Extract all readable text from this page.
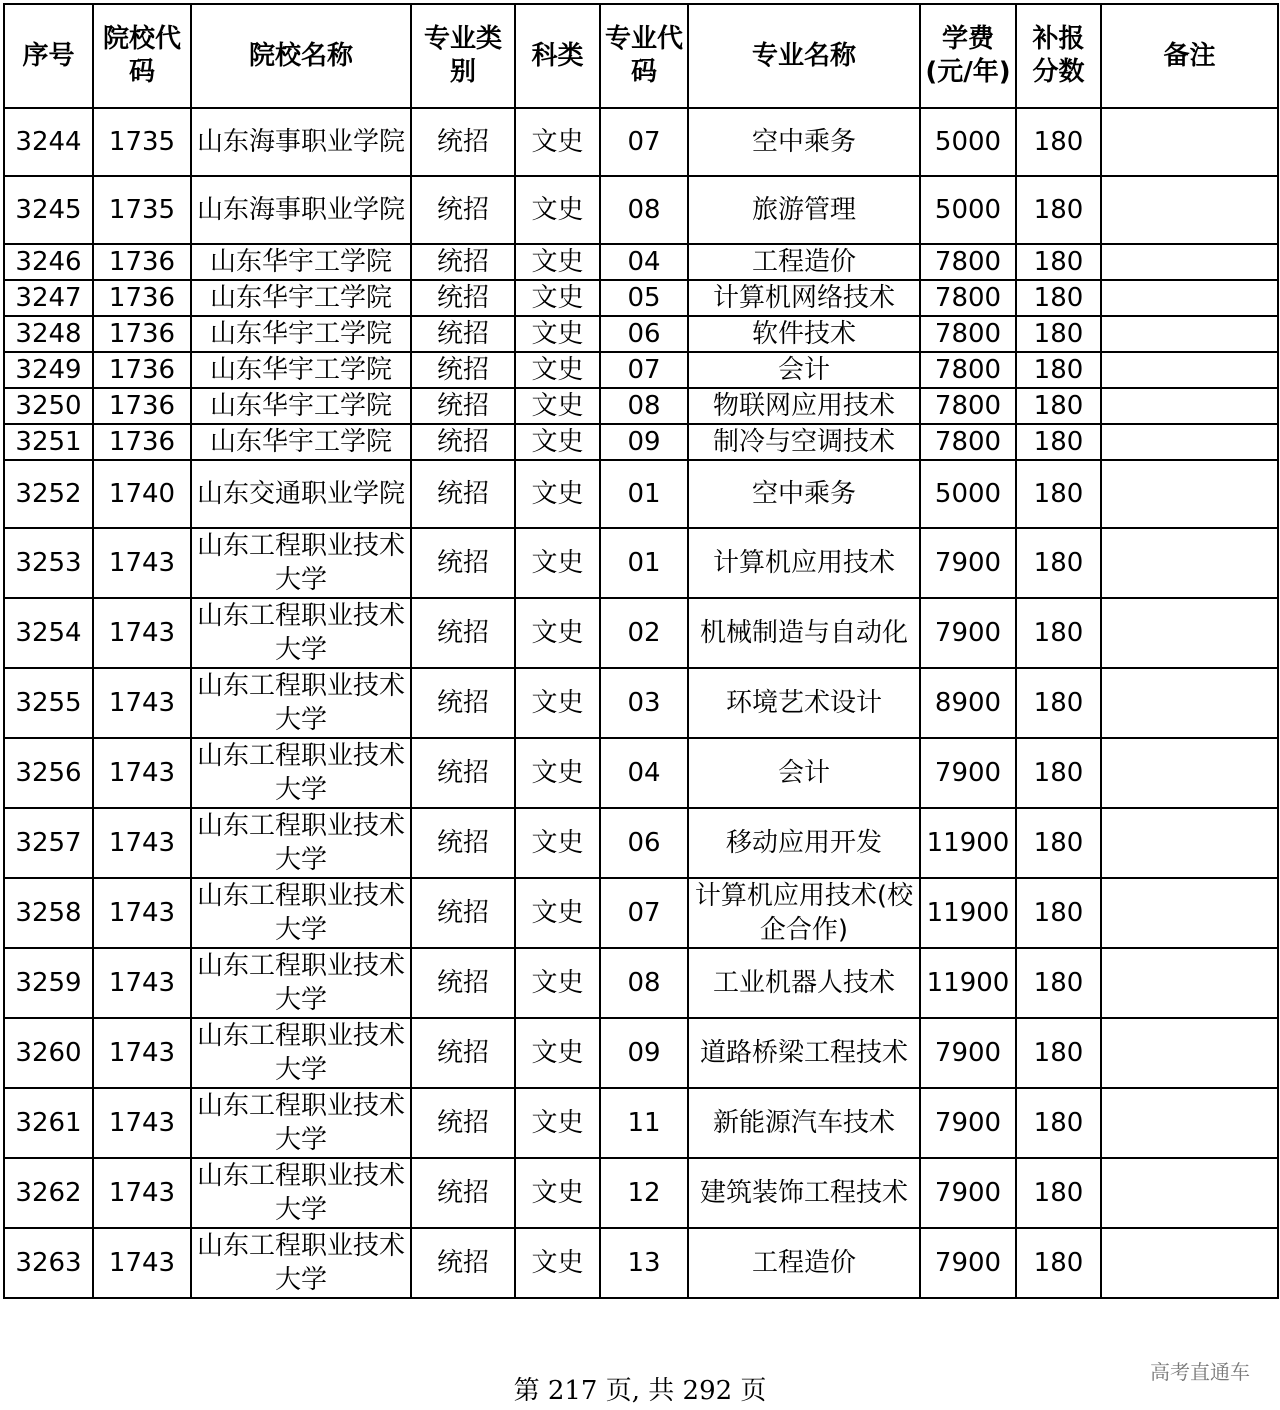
序号	院校代码	院校名称	专业类别	科类	专业代码	专业名称	学费(元/年)	补报分数	备注
3244	1735	山东海事职业学院	统招	文史	07	空中乘务	5000	180	
3245	1735	山东海事职业学院	统招	文史	08	旅游管理	5000	180	
3246	1736	山东华宇工学院	统招	文史	04	工程造价	7800	180	
3247	1736	山东华宇工学院	统招	文史	05	计算机网络技术	7800	180	
3248	1736	山东华宇工学院	统招	文史	06	软件技术	7800	180	
3249	1736	山东华宇工学院	统招	文史	07	会计	7800	180	
3250	1736	山东华宇工学院	统招	文史	08	物联网应用技术	7800	180	
3251	1736	山东华宇工学院	统招	文史	09	制冷与空调技术	7800	180	
3252	1740	山东交通职业学院	统招	文史	01	空中乘务	5000	180	
3253	1743	山东工程职业技术大学	统招	文史	01	计算机应用技术	7900	180	
3254	1743	山东工程职业技术大学	统招	文史	02	机械制造与自动化	7900	180	
3255	1743	山东工程职业技术大学	统招	文史	03	环境艺术设计	8900	180	
3256	1743	山东工程职业技术大学	统招	文史	04	会计	7900	180	
3257	1743	山东工程职业技术大学	统招	文史	06	移动应用开发	11900	180	
3258	1743	山东工程职业技术大学	统招	文史	07	计算机应用技术(校企合作)	11900	180	
3259	1743	山东工程职业技术大学	统招	文史	08	工业机器人技术	11900	180	
3260	1743	山东工程职业技术大学	统招	文史	09	道路桥梁工程技术	7900	180	
3261	1743	山东工程职业技术大学	统招	文史	11	新能源汽车技术	7900	180	
3262	1743	山东工程职业技术大学	统招	文史	12	建筑装饰工程技术	7900	180	
3263	1743	山东工程职业技术大学	统招	文史	13	工程造价	7900	180	
第 217 页, 共 292 页
高考直通车
